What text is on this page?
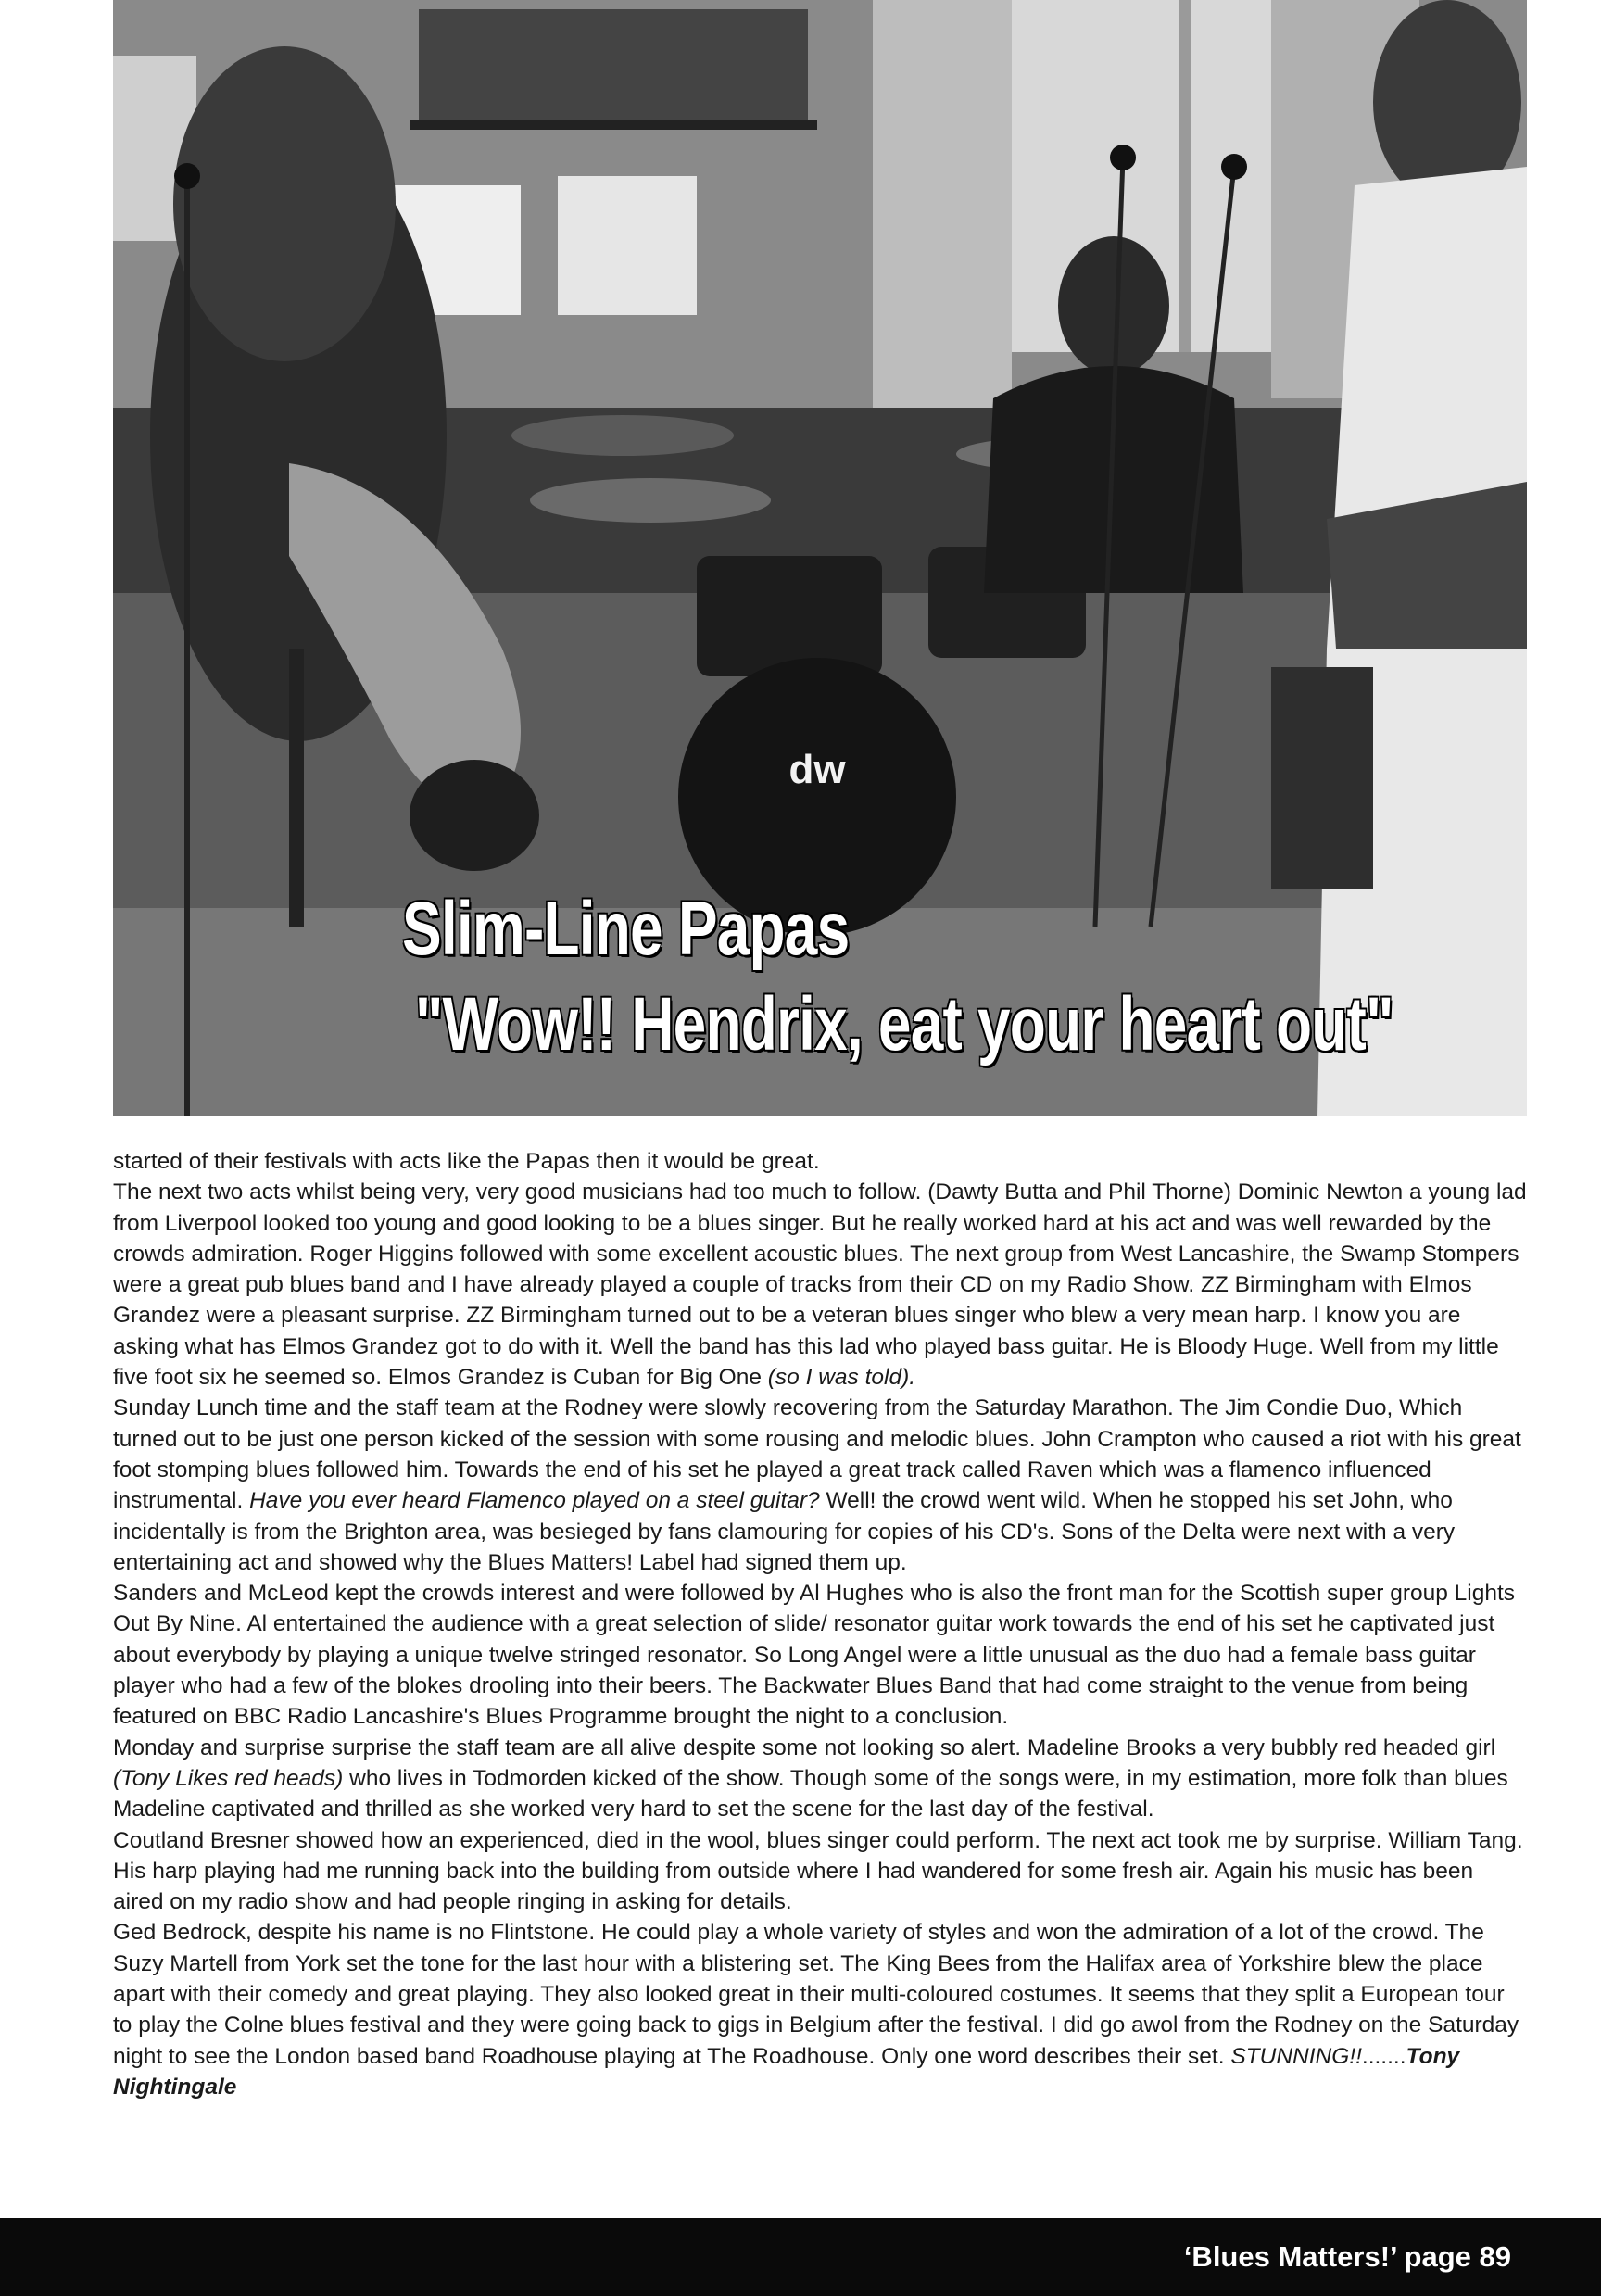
dw
Slim-Line Papas
"Wow!! Hendrix, eat your heart out"

started of their festivals with acts like the Papas then it would be great.

The next two acts whilst being very, very good musicians had too much to follow. (Dawty Butta and Phil Thorne) Dominic Newton a young lad from Liverpool looked too young and good looking to be a blues singer. But he really worked hard at his act and was well rewarded by the crowds admiration. Roger Higgins followed with some excellent acoustic blues. The next group from West Lancashire, the Swamp Stompers were a great pub blues band and I have already played a couple of tracks from their CD on my Radio Show. ZZ Birmingham with Elmos Grandez were a pleasant surprise. ZZ Birmingham turned out to be a veteran blues singer who blew a very mean harp. I know you are asking what has Elmos Grandez got to do with it. Well the band has this lad who played bass guitar. He is Bloody Huge. Well from my little five foot six he seemed so. Elmos Grandez is Cuban for Big One (so I was told).

Sunday Lunch time and the staff team at the Rodney were slowly recovering from the Saturday Marathon. The Jim Condie Duo, Which turned out to be just one person kicked of the session with some rousing and melodic blues. John Crampton who caused a riot with his great foot stomping blues followed him. Towards the end of his set he played a great track called Raven which was a flamenco influenced instrumental. Have you ever heard Flamenco played on a steel guitar? Well! the crowd went wild. When he stopped his set John, who incidentally is from the Brighton area, was besieged by fans clamouring for copies of his CD's. Sons of the Delta were next with a very entertaining act and showed why the Blues Matters! Label had signed them up.

Sanders and McLeod kept the crowds interest and were followed by Al Hughes who is also the front man for the Scottish super group Lights Out By Nine. Al entertained the audience with a great selection of slide/ resonator guitar work towards the end of his set he captivated just about everybody by playing a unique twelve stringed resonator. So Long Angel were a little unusual as the duo had a female bass guitar player who had a few of the blokes drooling into their beers. The Backwater Blues Band that had come straight to the venue from being featured on BBC Radio Lancashire's Blues Programme brought the night to a conclusion.

Monday and surprise surprise the staff team are all alive despite some not looking so alert. Madeline Brooks a very bubbly red headed girl (Tony Likes red heads) who lives in Todmorden kicked of the show. Though some of the songs were, in my estimation, more folk than blues Madeline captivated and thrilled as she worked very hard to set the scene for the last day of the festival.

Coutland Bresner showed how an experienced, died in the wool, blues singer could perform. The next act took me by surprise. William Tang. His harp playing had me running back into the building from outside where I had wandered for some fresh air. Again his music has been aired on my radio show and had people ringing in asking for details.

Ged Bedrock, despite his name is no Flintstone. He could play a whole variety of styles and won the admiration of a lot of the crowd. The Suzy Martell from York set the tone for the last hour with a blistering set. The King Bees from the Halifax area of Yorkshire blew the place apart with their comedy and great playing. They also looked great in their multi-coloured costumes. It seems that they split a European tour to play the Colne blues festival and they were going back to gigs in Belgium after the festival. I did go awol from the Rodney on the Saturday night to see the London based band Roadhouse playing at The Roadhouse. Only one word describes their set. STUNNING!!.......Tony Nightingale

‘Blues Matters!’ page 89
